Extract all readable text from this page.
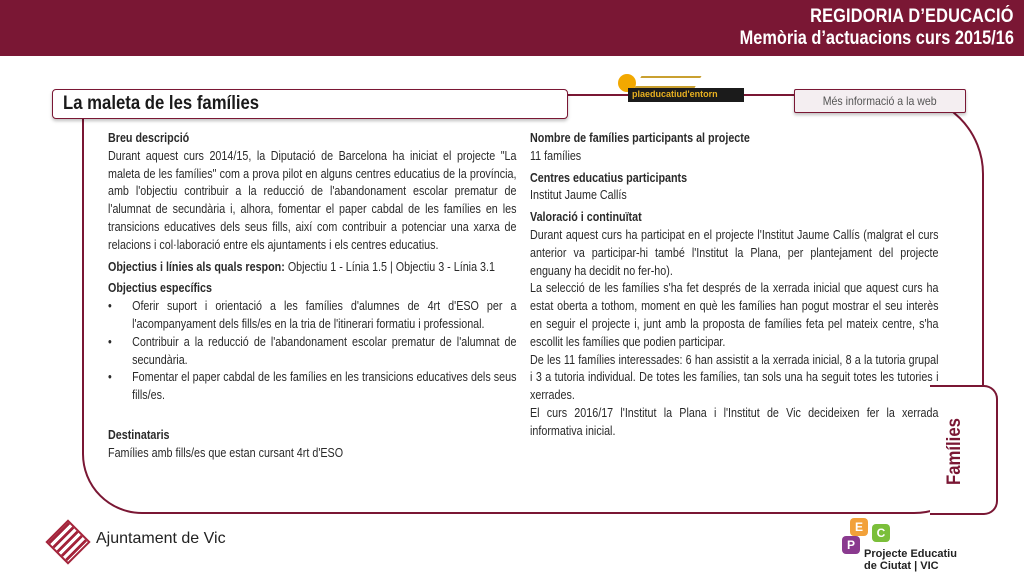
REGIDORIA D’EDUCACIÓ
Memòria d’actuacions curs 2015/16
Famílies
La maleta de les famílies	plaeducatiud'entorn	Més informació a la web
Breu descripció

Durant aquest curs 2014/15, la Diputació de Barcelona ha iniciat el projecte "La maleta de les famílies" com a prova pilot en alguns centres educatius de la província, amb l'objectiu contribuir a la reducció de l'abandonament escolar prematur de l'alumnat de secundària i, alhora, fomentar el paper cabdal de les famílies en les transicions educatives dels seus fills, així com contribuir a potenciar una xarxa de relacions i col·laboració entre els ajuntaments i els centres educatius.

Objectius i línies als quals respon: Objectiu 1 - Línia 1.5 | Objectiu 3 - Línia 3.1
Objectius específics
• Oferir suport i orientació a les famílies d'alumnes de 4rt d'ESO per a l'acompanyament dels fills/es en la tria de l'itinerari formatiu i professional.
• Contribuir a la reducció de l'abandonament escolar prematur de l'alumnat de secundària.
• Fomentar el paper cabdal de les famílies en les transicions educatives dels seus fills/es.
Destinataris
Famílies amb fills/es que estan cursant 4rt d'ESO
Nombre de famílies participants al projecte
11 famílies
Centres educatius participants
Institut Jaume Callís
Valoració i continuïtat

Durant aquest curs ha participat en el projecte l'Institut Jaume Callís (malgrat el curs anterior va participar-hi també l'Institut la Plana, per plantejament del projecte enguany ha decidit no fer-ho).

La selecció de les famílies s'ha fet després de la xerrada inicial que aquest curs ha estat oberta a tothom, moment en què les famílies han pogut mostrar el seu interès en seguir el projecte i, junt amb la proposta de famílies feta pel mateix centre, s'ha escollit les famílies que podien participar.

De les 11 famílies interessades: 6 han assistit a la xerrada inicial, 8 a la tutoria grupal i 3 a tutoria individual. De totes les famílies, tan sols una ha seguit totes les tutories i xerrades.

El curs 2016/17 l'Institut la Plana i l'Institut de Vic decideixen fer la xerrada informativa inicial.

Ajuntament de Vic
E	C
P
Projecte Educatiu
de Ciutat | VIC
